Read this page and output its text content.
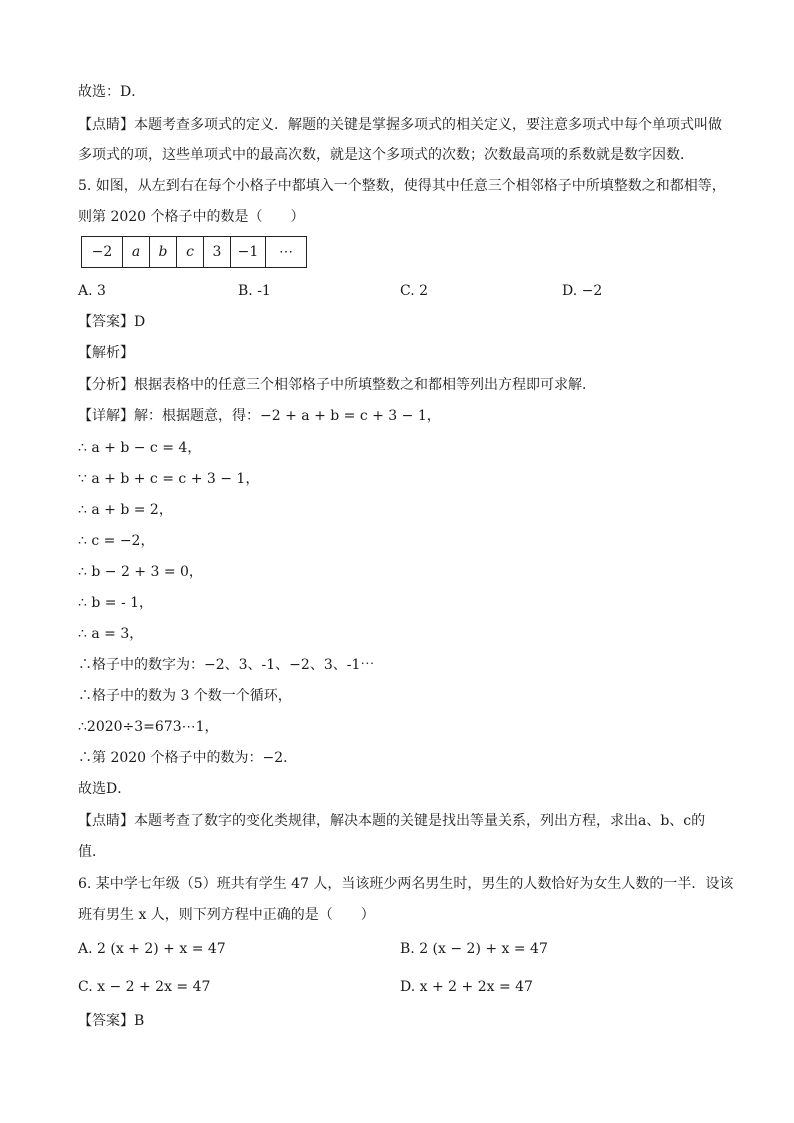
故选：D．
【点睛】本题考查多项式的定义．解题的关键是掌握多项式的相关定义，要注意多项式中每个单项式叫做
多项式的项，这些单项式中的最高次数，就是这个多项式的次数；次数最高项的系数就是数字因数．
5. 如图，从左到右在每个小格子中都填入一个整数，使得其中任意三个相邻格子中所填整数之和都相等，
则第 2020 个格子中的数是（　　）
−2	a	b	c	3	−1	⋯
A. 3	B. -1	C. 2	D. −2
【答案】D
【解析】
【分析】根据表格中的任意三个相邻格子中所填整数之和都相等列出方程即可求解．
【详解】解：根据题意，得：−2 + a + b = c + 3 − 1，
∴ a + b − c = 4，
∵ a + b + c = c + 3 − 1，
∴ a + b = 2，
∴ c = −2，
∴ b − 2 + 3 = 0，
∴ b = - 1，
∴ a = 3，
∴格子中的数字为：−2、3、-1、−2、3、-1⋯
∴格子中的数为 3 个数一个循环，
∴2020÷3=673⋯1，
∴第 2020 个格子中的数为：−2．
故选D．
【点睛】本题考查了数字的变化类规律，解决本题的关键是找出等量关系，列出方程，求出a、b、c的
值．
6. 某中学七年级（5）班共有学生 47 人，当该班少两名男生时，男生的人数恰好为女生人数的一半．设该
班有男生 x 人，则下列方程中正确的是（　　）
A. 2 (x + 2) + x = 47	B. 2 (x − 2) + x = 47
C. x − 2 + 2x = 47	D. x + 2 + 2x = 47
【答案】B
